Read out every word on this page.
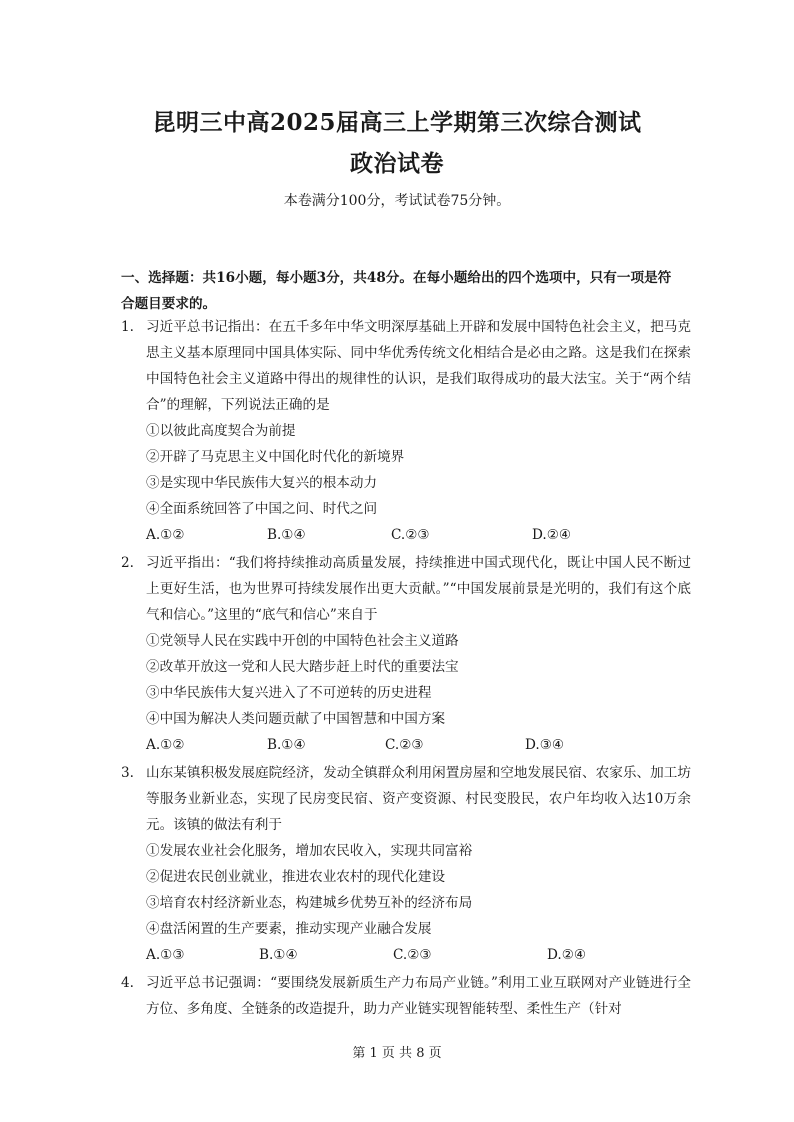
昆明三中高2025届高三上学期第三次综合测试
政治试卷
本卷满分100分，考试试卷75分钟。
一、选择题：共16小题，每小题3分，共48分。在每小题给出的四个选项中，只有一项是符合题目要求的。
1. 习近平总书记指出：在五千多年中华文明深厚基础上开辟和发展中国特色社会主义，把马克思主义基本原理同中国具体实际、同中华优秀传统文化相结合是必由之路。这是我们在探索中国特色社会主义道路中得出的规律性的认识，是我们取得成功的最大法宝。关于“两个结合”的理解，下列说法正确的是
①以彼此高度契合为前提
②开辟了马克思主义中国化时代化的新境界
③是实现中华民族伟大复兴的根本动力
④全面系统回答了中国之问、时代之问
A.①②	B.①④	C.②③	D.②④
2. 习近平指出：“我们将持续推动高质量发展，持续推进中国式现代化，既让中国人民不断过上更好生活，也为世界可持续发展作出更大贡献。”“中国发展前景是光明的，我们有这个底气和信心。”这里的“底气和信心”来自于
①党领导人民在实践中开创的中国特色社会主义道路
②改革开放这一党和人民大踏步赶上时代的重要法宝
③中华民族伟大复兴进入了不可逆转的历史进程
④中国为解决人类问题贡献了中国智慧和中国方案
A.①②	B.①④	C.②③	D.③④
3. 山东某镇积极发展庭院经济，发动全镇群众利用闲置房屋和空地发展民宿、农家乐、加工坊等服务业新业态，实现了民房变民宿、资产变资源、村民变股民，农户年均收入达10万余元。该镇的做法有利于
①发展农业社会化服务，增加农民收入，实现共同富裕
②促进农民创业就业，推进农业农村的现代化建设
③培育农村经济新业态，构建城乡优势互补的经济布局
④盘活闲置的生产要素，推动实现产业融合发展
A.①③	B.①④	C.②③	D.②④
4. 习近平总书记强调：“要围绕发展新质生产力布局产业链。”利用工业互联网对产业链进行全方位、多角度、全链条的改造提升，助力产业链实现智能转型、柔性生产（针对
第 1 页 共 8 页
